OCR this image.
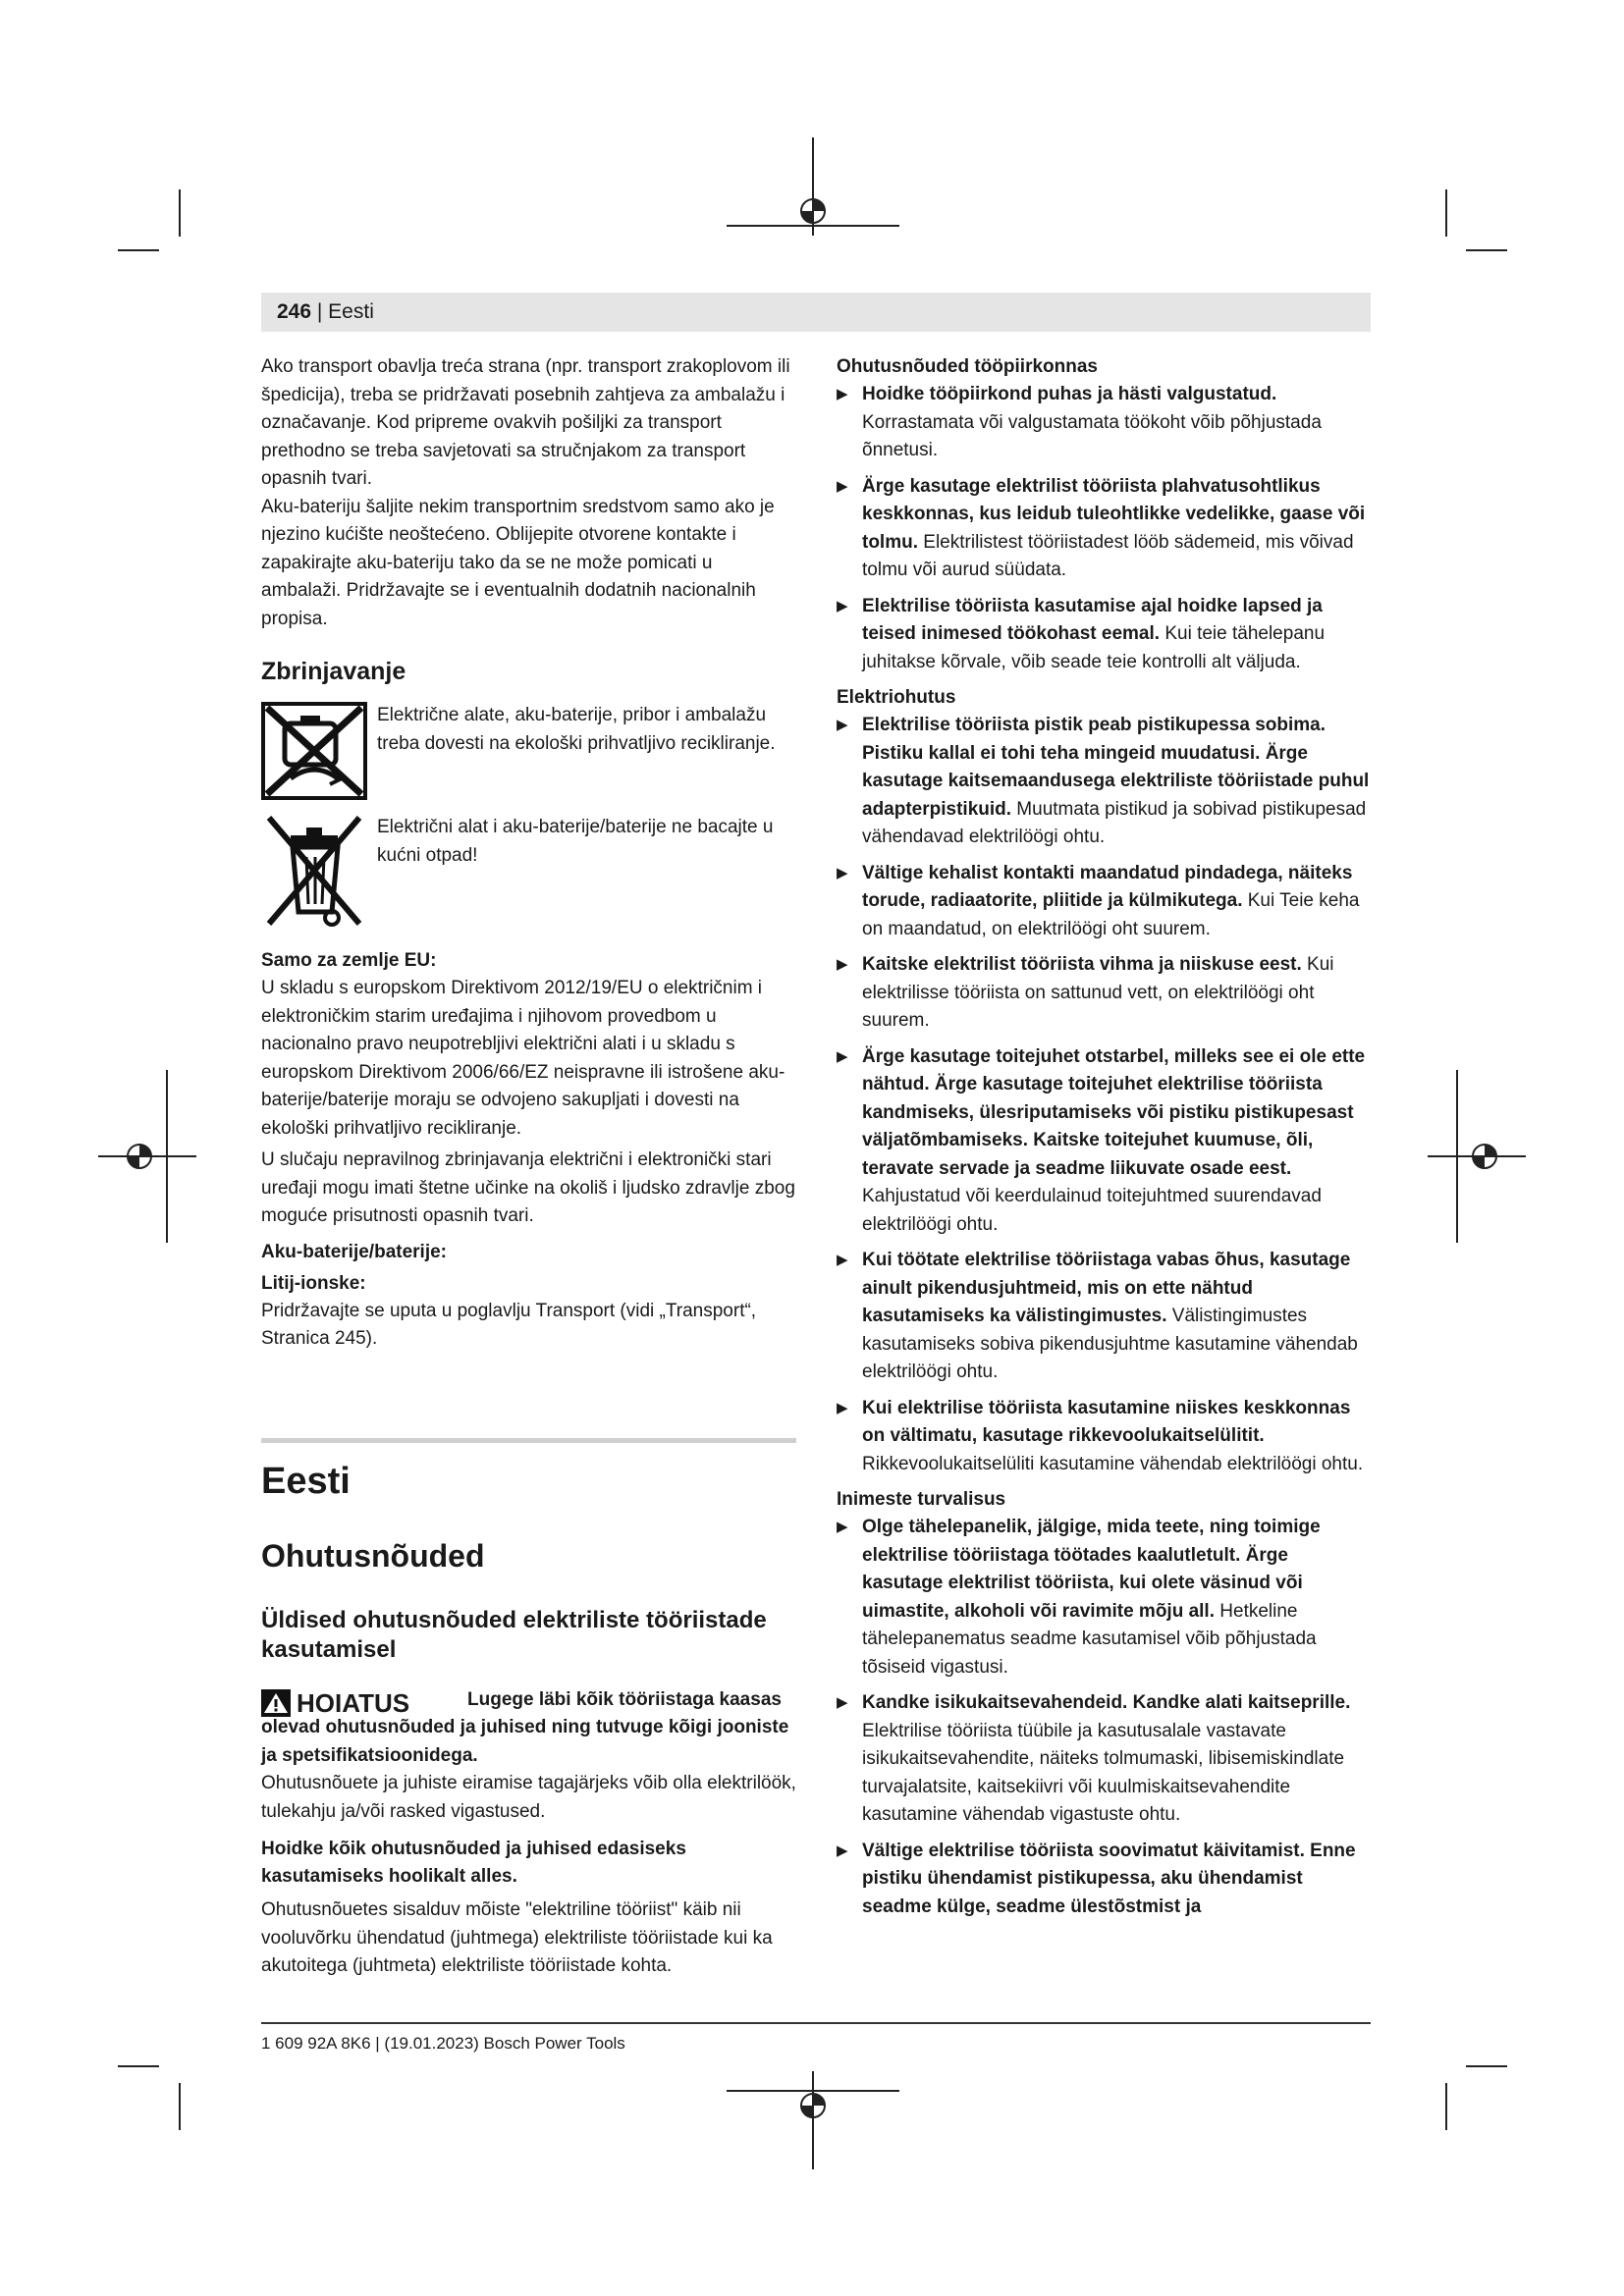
246 | Eesti

Ako transport obavlja treća strana (npr. transport zrakoplovom ili špedicija), treba se pridržavati posebnih zahtjeva za ambalažu i označavanje. Kod pripreme ovakvih pošiljki za transport prethodno se treba savjetovati sa stručnjakom za transport opasnih tvari.

Aku-bateriju šaljite nekim transportnim sredstvom samo ako je njezino kućište neoštećeno. Oblijepite otvorene kontakte i zapakirajte aku-bateriju tako da se ne može pomicati u ambalaži. Pridržavajte se i eventualnih dodatnih nacionalnih propisa.

Zbrinjavanje

Električne alate, aku-baterije, pribor i ambalažu treba dovesti na ekološki prihvatljivo recikliranje.

Električni alat i aku-baterije/baterije ne bacajte u kućni otpad!

Samo za zemlje EU:

U skladu s europskom Direktivom 2012/19/EU o električnim i elektroničkim starim uređajima i njihovom provedbom u nacionalno pravo neupotrebljivi električni alati i u skladu s europskom Direktivom 2006/66/EZ neispravne ili istrošene aku-baterije/baterije moraju se odvojeno sakupljati i dovesti na ekološki prihvatljivo recikliranje.

U slučaju nepravilnog zbrinjavanja električni i elektronički stari uređaji mogu imati štetne učinke na okoliš i ljudsko zdravlje zbog moguće prisutnosti opasnih tvari.

Aku-baterije/baterije:
Litij-ionske:

Pridržavajte se uputa u poglavlju Transport (vidi „Transport“, Stranica 245).

Eesti
Ohutusnõuded
Üldised ohutusnõuded elektriliste tööriistade kasutamisel
HOIATUS	Lugege läbi kõik tööriistaga kaasas olevad ohutusnõuded ja juhised ning tutvuge kõigi jooniste ja spetsifikatsioonidega.

Ohutusnõuete ja juhiste eiramise tagajärjeks võib olla elektrilöök, tulekahju ja/või rasked vigastused.

Hoidke kõik ohutusnõuded ja juhised edasiseks kasutamiseks hoolikalt alles.

Ohutusnõuetes sisalduv mõiste "elektriline tööriist" käib nii vooluvõrku ühendatud (juhtmega) elektriliste tööriistade kui ka akutoitega (juhtmeta) elektriliste tööriistade kohta.

Ohutusnõuded tööpiirkonnas
▶ Hoidke tööpiirkond puhas ja hästi valgustatud. Korrastamata või valgustamata töökoht võib põhjustada õnnetusi.
▶ Ärge kasutage elektrilist tööriista plahvatusohtlikus keskkonnas, kus leidub tuleohtlikke vedelikke, gaase või tolmu. Elektrilistest tööriistadest lööb sädemeid, mis võivad tolmu või aurud süüdata.
▶ Elektrilise tööriista kasutamise ajal hoidke lapsed ja teised inimesed töökohast eemal. Kui teie tähelepanu juhitakse kõrvale, võib seade teie kontrolli alt väljuda.
Elektriohutus
▶ Elektrilise tööriista pistik peab pistikupessa sobima. Pistiku kallal ei tohi teha mingeid muudatusi. Ärge kasutage kaitsemaandusega elektriliste tööriistade puhul adapterpistikuid. Muutmata pistikud ja sobivad pistikupesad vähendavad elektrilöögi ohtu.
▶ Vältige kehalist kontakti maandatud pindadega, näiteks torude, radiaatorite, pliitide ja külmikutega. Kui Teie keha on maandatud, on elektrilöögi oht suurem.
▶ Kaitske elektrilist tööriista vihma ja niiskuse eest. Kui elektrilisse tööriista on sattunud vett, on elektrilöögi oht suurem.
▶ Ärge kasutage toitejuhet otstarbel, milleks see ei ole ette nähtud. Ärge kasutage toitejuhet elektrilise tööriista kandmiseks, ülesriputamiseks või pistiku pistikupesast väljatõmbamiseks. Kaitske toitejuhet kuumuse, õli, teravate servade ja seadme liikuvate osade eest. Kahjustatud või keerdulainud toitejuhtmed suurendavad elektrilöögi ohtu.
▶ Kui töötate elektrilise tööriistaga vabas õhus, kasutage ainult pikendusjuhtmeid, mis on ette nähtud kasutamiseks ka välistingimustes. Välistingimustes kasutamiseks sobiva pikendusjuhtme kasutamine vähendab elektrilöögi ohtu.
▶ Kui elektrilise tööriista kasutamine niiskes keskkonnas on vältimatu, kasutage rikkevoolukaitselülitit. Rikkevoolukaitselüliti kasutamine vähendab elektrilöögi ohtu.
Inimeste turvalisus
▶ Olge tähelepanelik, jälgige, mida teete, ning toimige elektrilise tööriistaga töötades kaalutletult. Ärge kasutage elektrilist tööriista, kui olete väsinud või uimastite, alkoholi või ravimite mõju all. Hetkeline tähelepanematus seadme kasutamisel võib põhjustada tõsiseid vigastusi.
▶ Kandke isikukaitsevahendeid. Kandke alati kaitseprille. Elektrilise tööriista tüübile ja kasutusalale vastavate isikukaitsevahendite, näiteks tolmumaski, libisemiskindlate turvajalatsite, kaitsekiivri või kuulmiskaitsevahendite kasutamine vähendab vigastuste ohtu.
▶ Vältige elektrilise tööriista soovimatut käivitamist. Enne pistiku ühendamist pistikupessa, aku ühendamist seadme külge, seadme ülestõstmist ja
1 609 92A 8K6 | (19.01.2023) Bosch Power Tools
